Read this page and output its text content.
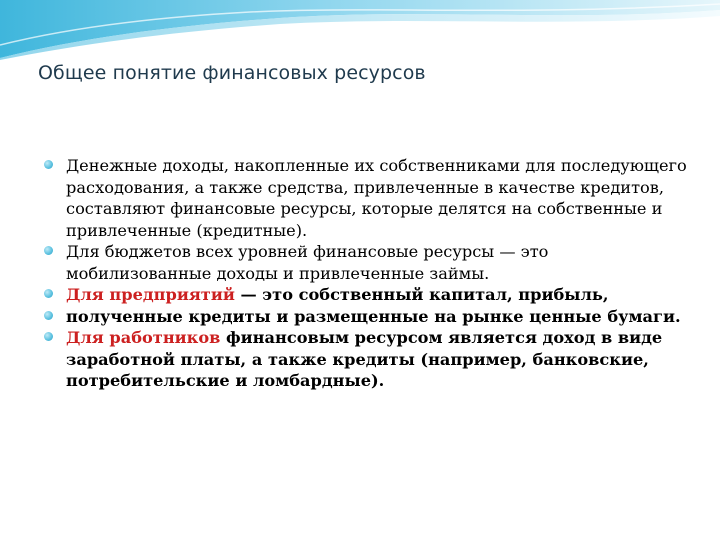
Общее понятие финансовых ресурсов
Денежные доходы, накопленные их собственниками для последующего расходования, а также средства, привлеченные в качестве кредитов, составляют финансовые ресурсы, которые делятся на собственные и привлеченные (кредитные).
Для бюджетов всех уровней финансовые ресурсы — это мобилизованные доходы и привлеченные займы.
Для предприятий — это собственный капитал, прибыль,
полученные кредиты и размещенные на рынке ценные бумаги.
Для работников финансовым ресурсом является доход в виде заработной платы, а также кредиты (например, банковские, потребительские и ломбардные).
